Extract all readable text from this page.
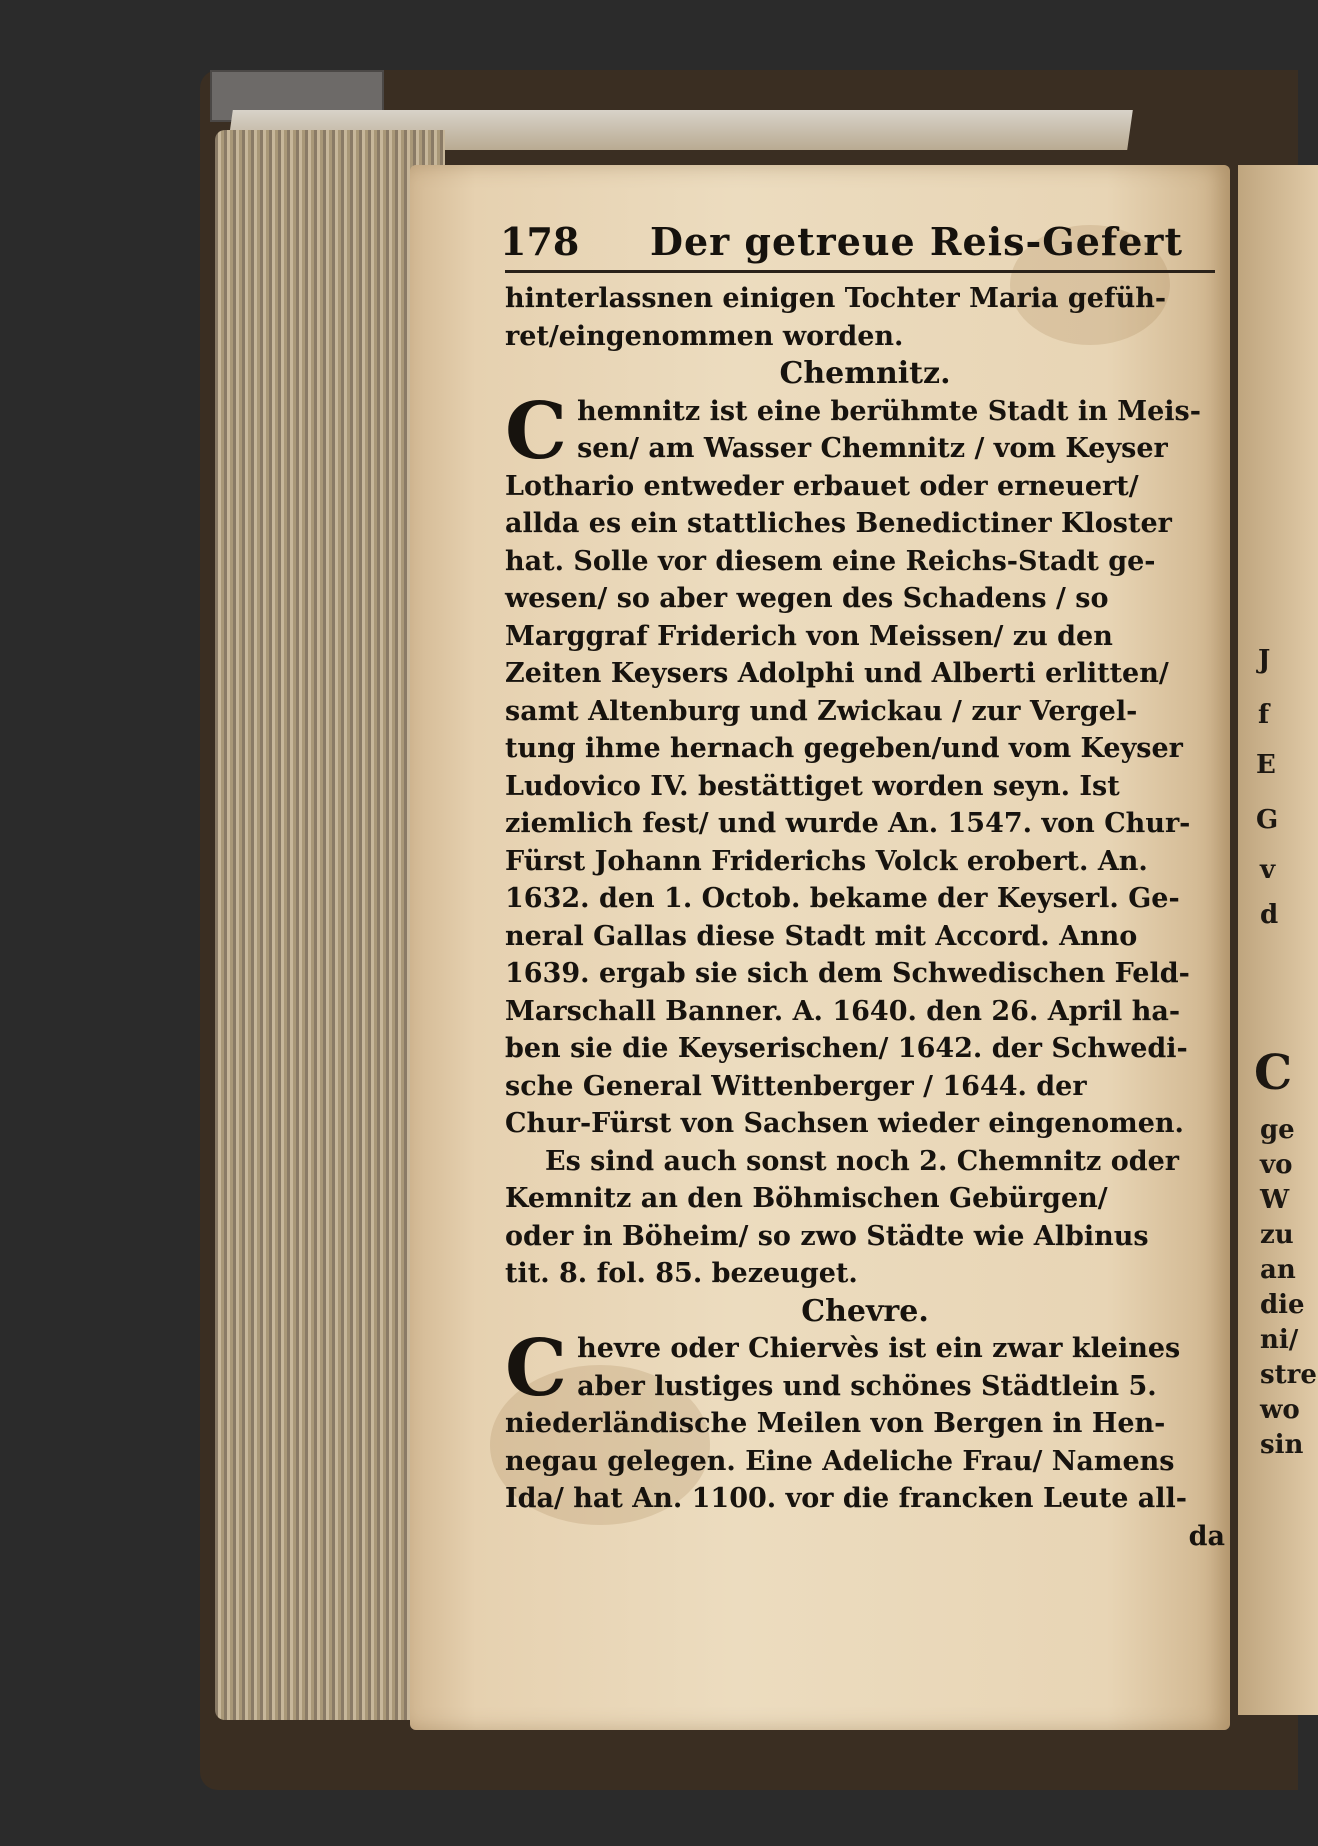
J
f
E
G
v
d
C
ge
vo
W
zu
an
die
ni/
stre
wo
sin
178 Der getreue Reis-Gefert
hinterlassnen einigen Tochter Maria gefüh-
ret/eingenommen worden.
Chemnitz.
C hemnitz ist eine berühmte Stadt in Meis-
sen/ am Wasser Chemnitz / vom Keyser
Lothario entweder erbauet oder erneuert/
allda es ein stattliches Benedictiner Kloster
hat. Solle vor diesem eine Reichs-Stadt ge-
wesen/ so aber wegen des Schadens / so
Marggraf Friderich von Meissen/ zu den
Zeiten Keysers Adolphi und Alberti erlitten/
samt Altenburg und Zwickau / zur Vergel-
tung ihme hernach gegeben/und vom Keyser
Ludovico IV. bestättiget worden seyn. Ist
ziemlich fest/ und wurde An. 1547. von Chur-
Fürst Johann Friderichs Volck erobert. An.
1632. den 1. Octob. bekame der Keyserl. Ge-
neral Gallas diese Stadt mit Accord. Anno
1639. ergab sie sich dem Schwedischen Feld-
Marschall Banner. A. 1640. den 26. April ha-
ben sie die Keyserischen/ 1642. der Schwedi-
sche General Wittenberger / 1644. der
Chur-Fürst von Sachsen wieder eingenomen.
Es sind auch sonst noch 2. Chemnitz oder
Kemnitz an den Böhmischen Gebürgen/
oder in Böheim/ so zwo Städte wie Albinus
tit. 8. fol. 85. bezeuget.
Chevre.
C hevre oder Chiervès ist ein zwar kleines
aber lustiges und schönes Städtlein 5.
niederländische Meilen von Bergen in Hen-
negau gelegen. Eine Adeliche Frau/ Namens
Ida/ hat An. 1100. vor die francken Leute all-
da
